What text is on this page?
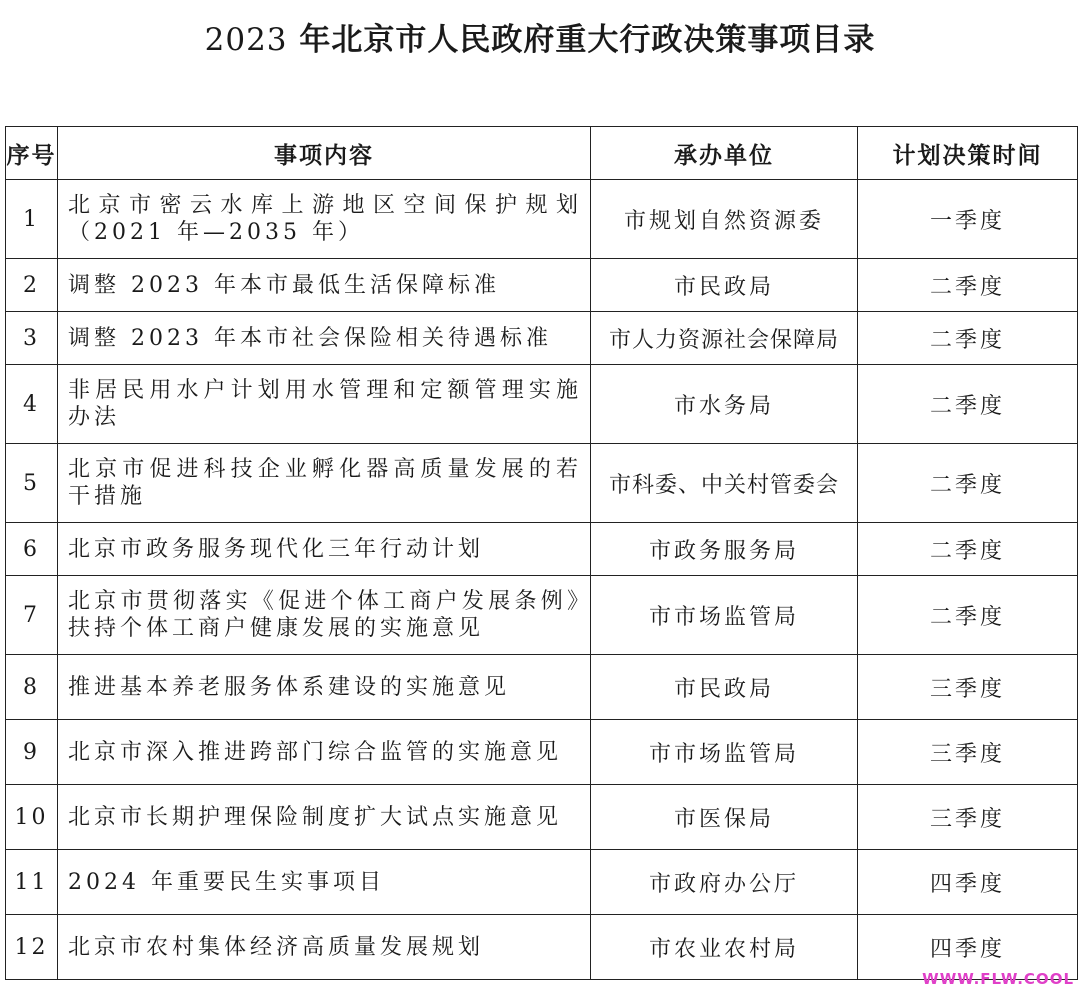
2023 年北京市人民政府重大行政决策事项目录
序号	事项内容	承办单位	计划决策时间
1	北京市密云水库上游地区空间保护规划（2021 年—2035 年）	市规划自然资源委	一季度
2	调整 2023 年本市最低生活保障标准	市民政局	二季度
3	调整 2023 年本市社会保险相关待遇标准	市人力资源社会保障局	二季度
4	非居民用水户计划用水管理和定额管理实施办法	市水务局	二季度
5	北京市促进科技企业孵化器高质量发展的若干措施	市科委、中关村管委会	二季度
6	北京市政务服务现代化三年行动计划	市政务服务局	二季度
7	北京市贯彻落实《促进个体工商户发展条例》扶持个体工商户健康发展的实施意见	市市场监管局	二季度
8	推进基本养老服务体系建设的实施意见	市民政局	三季度
9	北京市深入推进跨部门综合监管的实施意见	市市场监管局	三季度
10	北京市长期护理保险制度扩大试点实施意见	市医保局	三季度
11	2024 年重要民生实事项目	市政府办公厅	四季度
12	北京市农村集体经济高质量发展规划	市农业农村局	四季度
WWW.FLW.COOL
